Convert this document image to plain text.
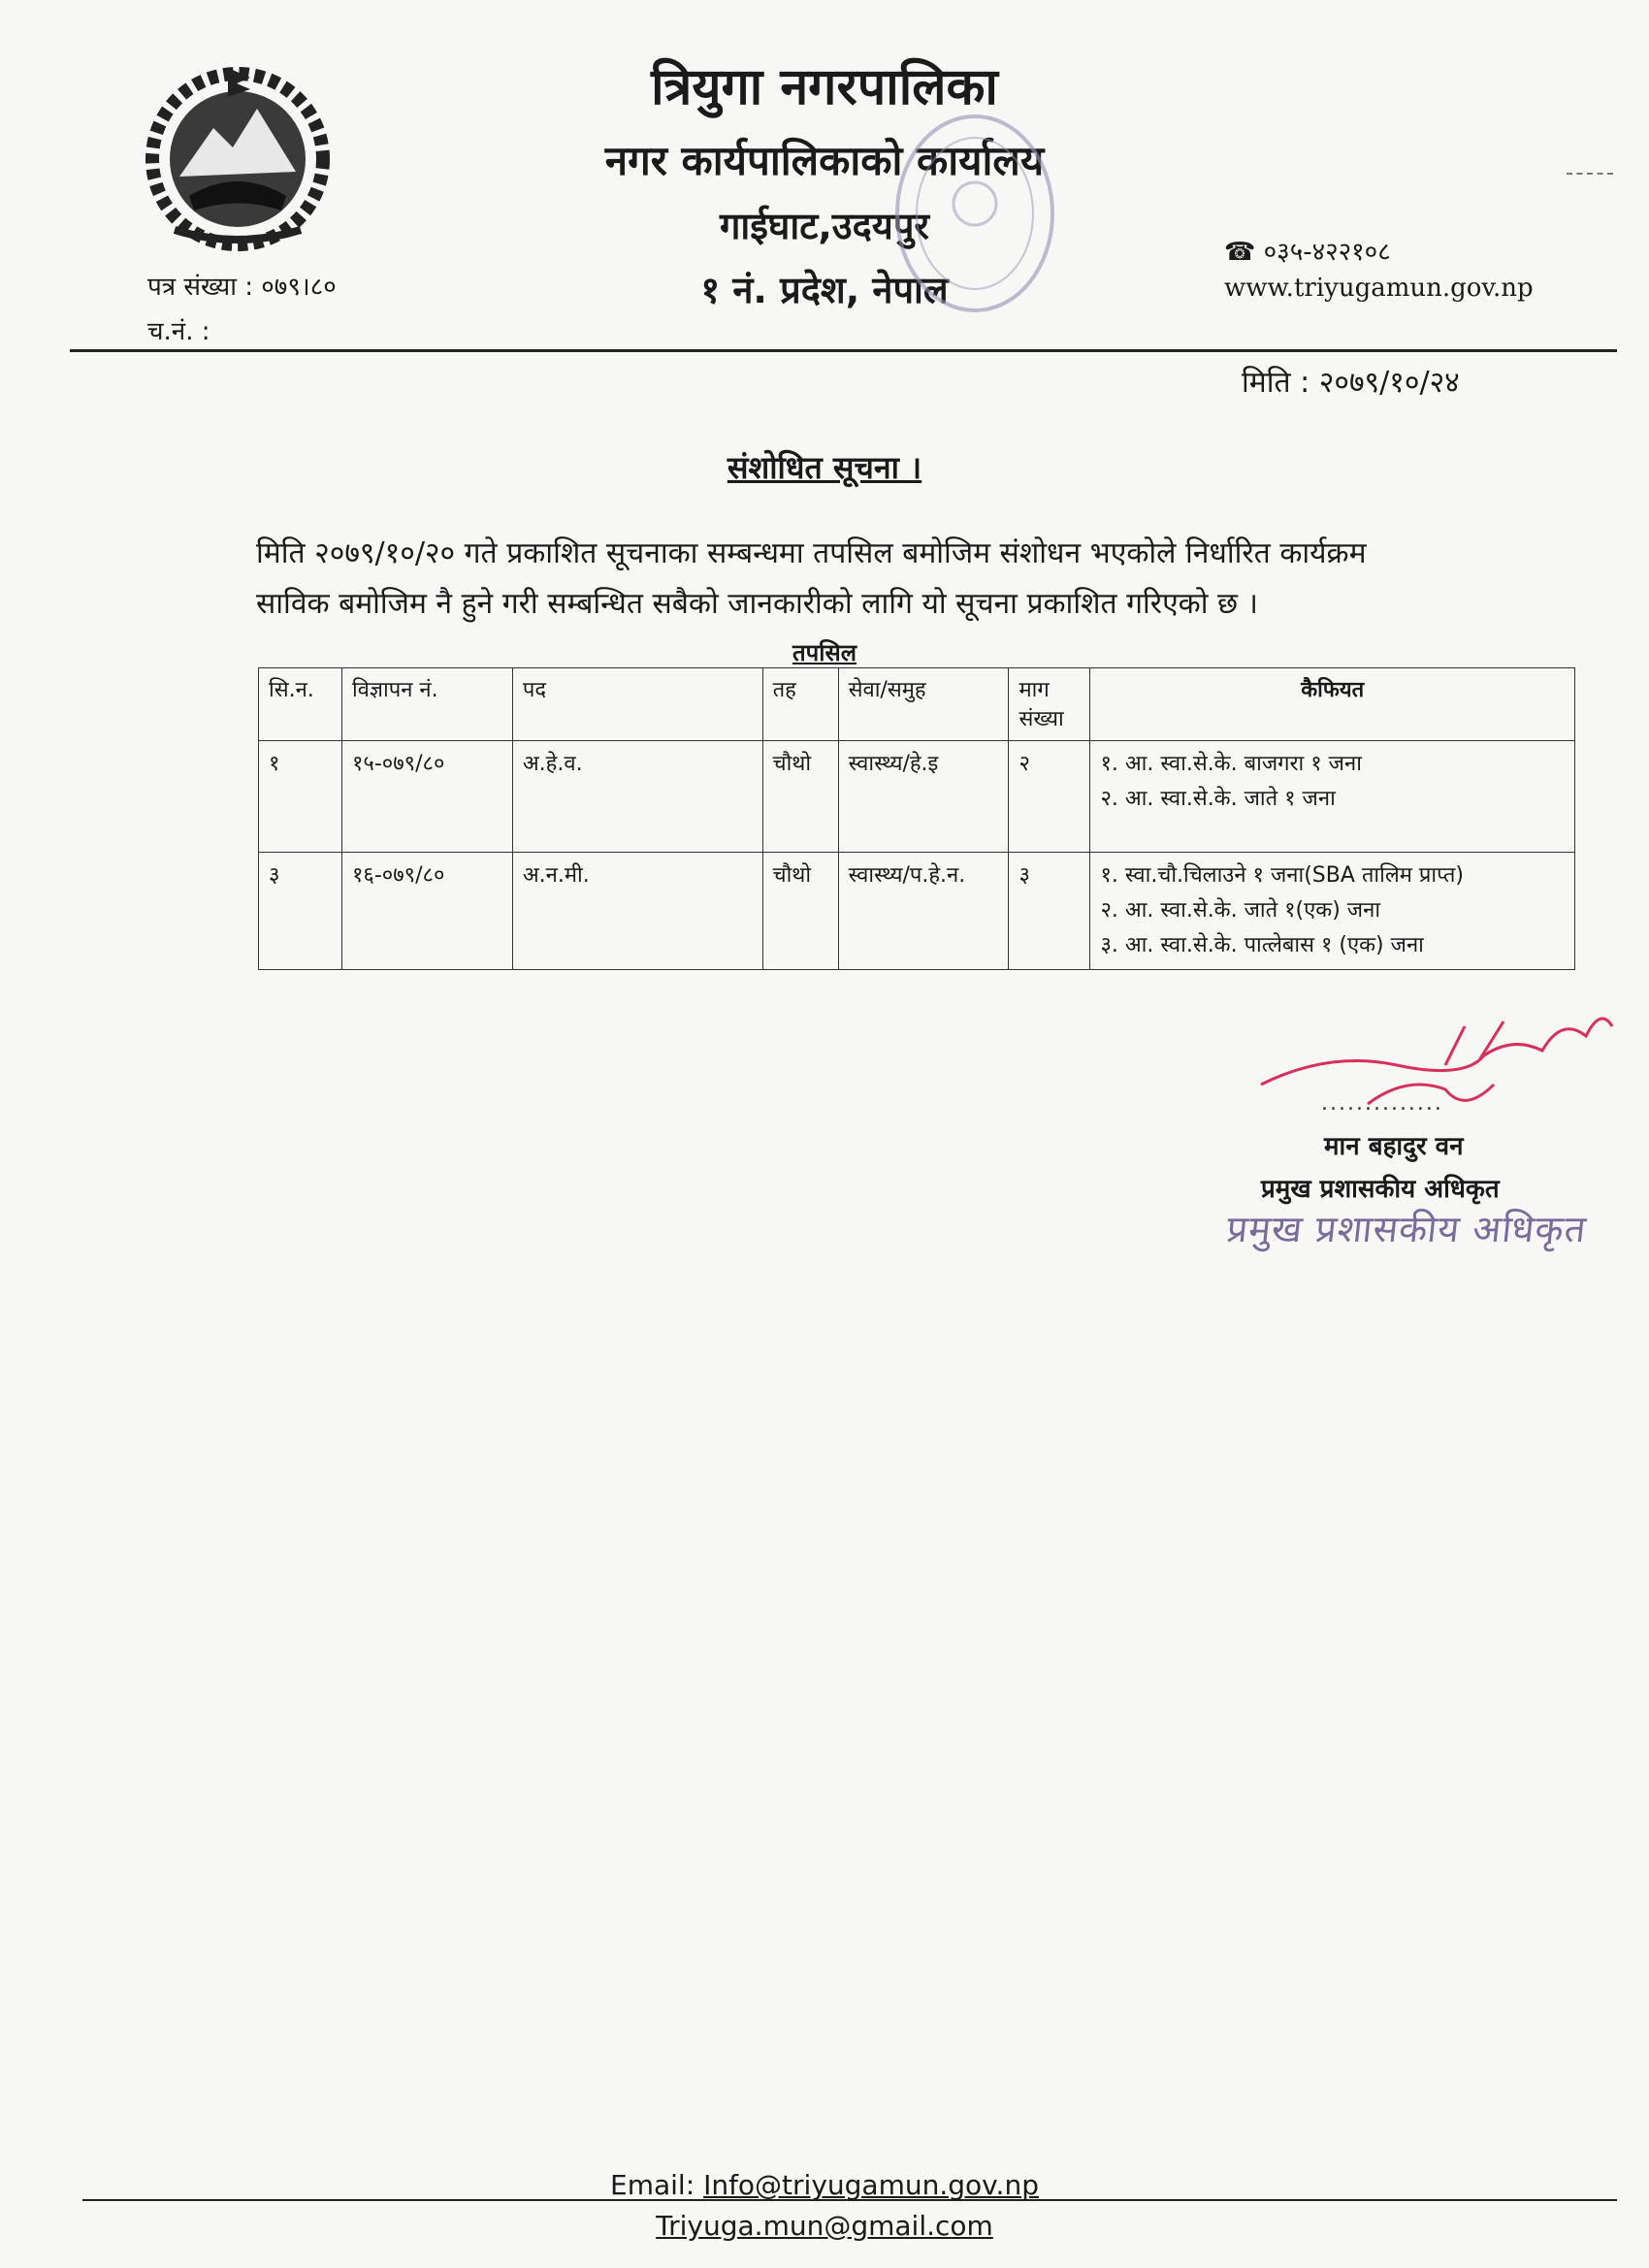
त्रियुगा नगरपालिका
नगर कार्यपालिकाको कार्यालय
गाईघाट,उदयपुर
१ नं. प्रदेश, नेपाल
☎ ०३५-४२२१०८
www.triyugamun.gov.np
पत्र संख्या : ०७९।८०
च.नं. :
मिति : २०७९/१०/२४
संशोधित सूचना ।
मिति २०७९/१०/२० गते प्रकाशित सूचनाका सम्बन्धमा तपसिल बमोजिम संशोधन भएकोले निर्धारित कार्यक्रम
साविक बमोजिम नै हुने गरी सम्बन्धित सबैको जानकारीको लागि यो सूचना प्रकाशित गरिएको छ ।
तपसिल
सि.न.	विज्ञापन नं.	पद	तह	सेवा/समुह	माग संख्या	कैफियत
१	१५-०७९/८०	अ.हे.व.	चौथो	स्वास्थ्य/हे.इ	२	१. आ. स्वा.से.के. बाजगरा १ जना
२. आ. स्वा.से.के. जाते १ जना

३	१६-०७९/८०	अ.न.मी.	चौथो	स्वास्थ्य/प.हे.न.	३	१. स्वा.चौ.चिलाउने १ जना(SBA तालिम प्राप्त)
२. आ. स्वा.से.के. जाते १(एक) जना
३. आ. स्वा.से.के. पात्लेबास १ (एक) जना
..............
मान बहादुर वन
प्रमुख प्रशासकीय अधिकृत
प्रमुख प्रशासकीय अधिकृत
Email: Info@triyugamun.gov.np
Triyuga.mun@gmail.com
